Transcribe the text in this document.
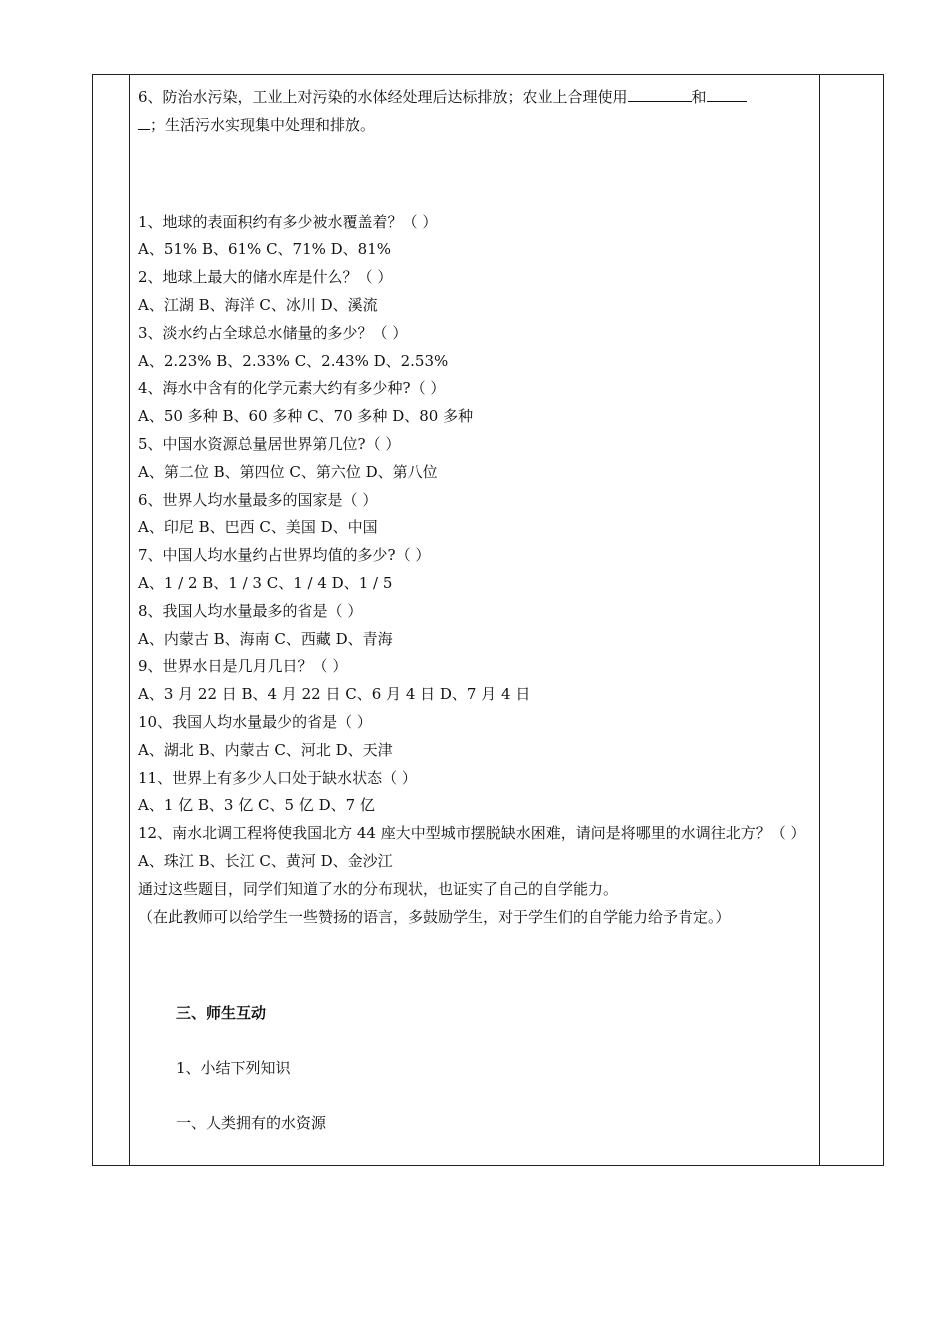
6、防治水污染，工业上对污染的水体经处理后达标排放；农业上合理使用	和
；生活污水实现集中处理和排放。
1、地球的表面积约有多少被水覆盖着？（ ）
A、51% B、61% C、71% D、81%
2、地球上最大的储水库是什么？（ ）
A、江湖 B、海洋 C、冰川 D、溪流
3、淡水约占全球总水储量的多少？（ ）
A、2.23% B、2.33% C、2.43% D、2.53%
4、海水中含有的化学元素大约有多少种?（ ）
A、50 多种 B、60 多种 C、70 多种 D、80 多种
5、中国水资源总量居世界第几位?（ ）
A、第二位 B、第四位 C、第六位 D、第八位
6、世界人均水量最多的国家是（ ）
A、印尼 B、巴西 C、美国 D、中国
7、中国人均水量约占世界均值的多少?（ ）
A、1 / 2 B、1 / 3 C、1 / 4 D、1 / 5
8、我国人均水量最多的省是（ ）
A、内蒙古 B、海南 C、西藏 D、青海
9、世界水日是几月几日？（ ）
A、3 月 22 日 B、4 月 22 日 C、6 月 4 日 D、7 月 4 日
10、我国人均水量最少的省是（ ）
A、湖北 B、内蒙古 C、河北 D、天津
11、世界上有多少人口处于缺水状态（ ）
A、1 亿 B、3 亿 C、5 亿 D、7 亿
12、南水北调工程将使我国北方 44 座大中型城市摆脱缺水困难，请问是将哪里的水调往北方？（ ）
A、珠江 B、长江 C、黄河 D、金沙江
通过这些题目，同学们知道了水的分布现状，也证实了自己的自学能力。
（在此教师可以给学生一些赞扬的语言，多鼓励学生，对于学生们的自学能力给予肯定。）
三、师生互动
1、小结下列知识
一、人类拥有的水资源
